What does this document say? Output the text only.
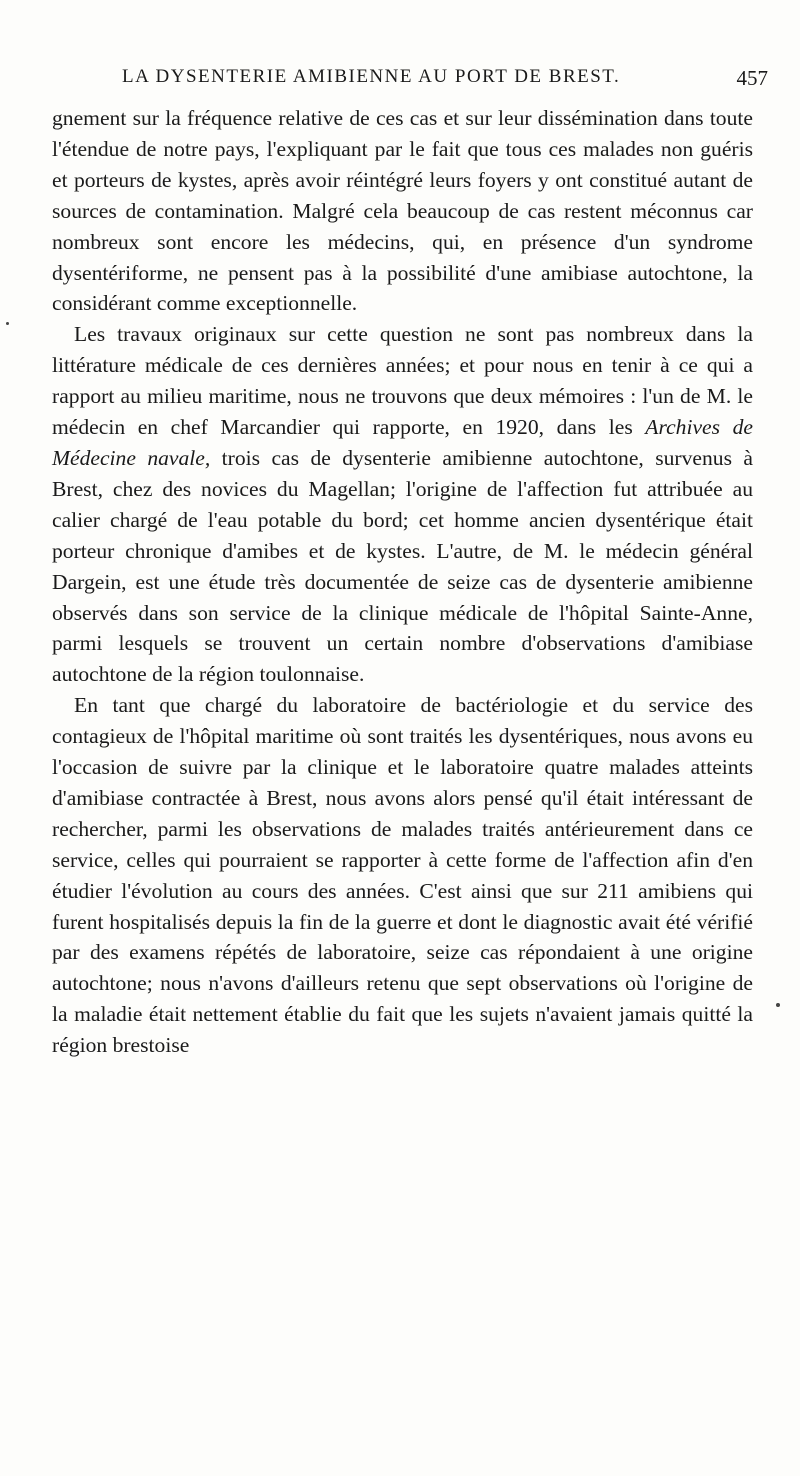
LA DYSENTERIE AMIBIENNE AU PORT DE BREST.	457

gnement sur la fréquence relative de ces cas et sur leur dissémination dans toute l'étendue de notre pays, l'expliquant par le fait que tous ces malades non guéris et porteurs de kystes, après avoir réintégré leurs foyers y ont constitué autant de sources de contamination. Malgré cela beaucoup de cas restent méconnus car nombreux sont encore les médecins, qui, en présence d'un syndrome dysentériforme, ne pensent pas à la possibilité d'une amibiase autochtone, la considérant comme exceptionnelle.

Les travaux originaux sur cette question ne sont pas nombreux dans la littérature médicale de ces dernières années; et pour nous en tenir à ce qui a rapport au milieu maritime, nous ne trouvons que deux mémoires : l'un de M. le médecin en chef Marcandier qui rapporte, en 1920, dans les Archives de Médecine navale, trois cas de dysenterie amibienne autochtone, survenus à Brest, chez des novices du Magellan; l'origine de l'affection fut attribuée au calier chargé de l'eau potable du bord; cet homme ancien dysentérique était porteur chronique d'amibes et de kystes. L'autre, de M. le médecin général Dargein, est une étude très documentée de seize cas de dysenterie amibienne observés dans son service de la clinique médicale de l'hôpital Sainte-Anne, parmi lesquels se trouvent un certain nombre d'observations d'amibiase autochtone de la région toulonnaise.

En tant que chargé du laboratoire de bactériologie et du service des contagieux de l'hôpital maritime où sont traités les dysentériques, nous avons eu l'occasion de suivre par la clinique et le laboratoire quatre malades atteints d'amibiase contractée à Brest, nous avons alors pensé qu'il était intéressant de rechercher, parmi les observations de malades traités antérieurement dans ce service, celles qui pourraient se rapporter à cette forme de l'affection afin d'en étudier l'évolution au cours des années. C'est ainsi que sur 211 amibiens qui furent hospitalisés depuis la fin de la guerre et dont le diagnostic avait été vérifié par des examens répétés de laboratoire, seize cas répondaient à une origine autochtone; nous n'avons d'ailleurs retenu que sept observations où l'origine de la maladie était nettement établie du fait que les sujets n'avaient jamais quitté la région brestoise
